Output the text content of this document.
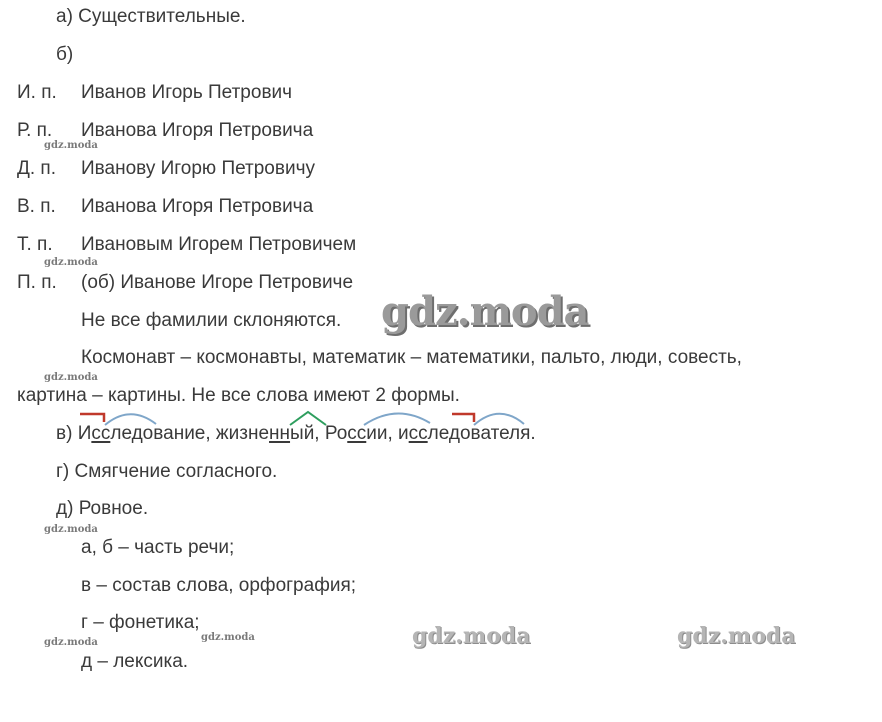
а) Существительные.
б)
И. п. Иванов Игорь Петрович
Р. п. Иванова Игоря Петровича
Д. п. Иванову Игорю Петровичу
В. п. Иванова Игоря Петровича
Т. п. Ивановым Игорем Петровичем
П. п. (об) Иванове Игоре Петровиче
Не все фамилии склоняются.
Космонавт – космонавты, математик – математики, пальто, люди, совесть,
картина – картины. Не все слова имеют 2 формы.
в) Исследование, жизненный, России, исследователя.
г) Смягчение согласного.
д) Ровное.
а, б – часть речи;
в – состав слова, орфография;
г – фонетика;
д – лексика.
gdz.moda
gdz.moda
gdz.moda
gdz.moda
gdz.moda	gdz.moda
gdz.moda
gdz.moda	gdz.moda
